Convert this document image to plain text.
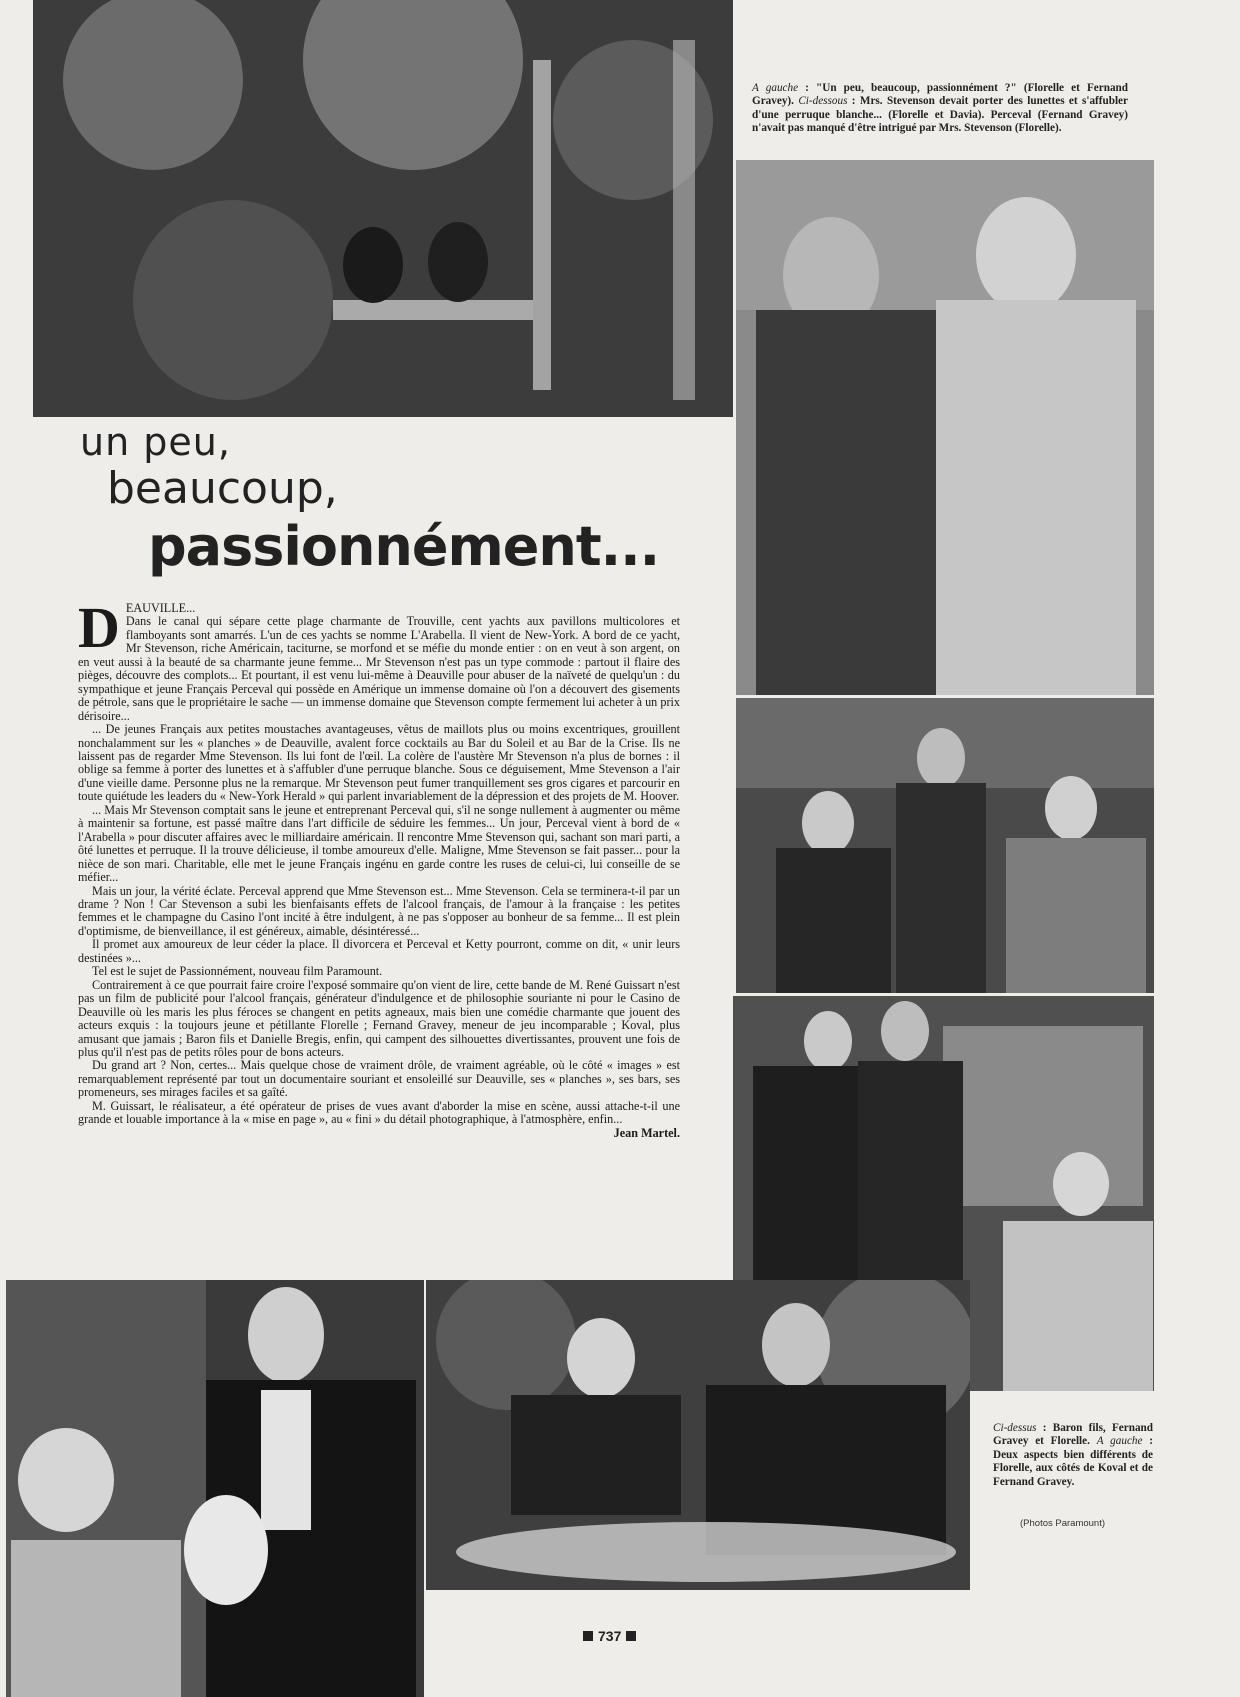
un peu,
beaucoup,
passionnément...

DEAUVILLE...
Dans le canal qui sépare cette plage charmante de Trouville, cent yachts aux pavillons multicolores et flamboyants sont amarrés. L'un de ces yachts se nomme L'Arabella. Il vient de New-York. A bord de ce yacht, Mr Stevenson, riche Américain, taciturne, se morfond et se méfie du monde entier : on en veut à son argent, on en veut aussi à la beauté de sa charmante jeune femme... Mr Stevenson n'est pas un type commode : partout il flaire des pièges, découvre des complots... Et pourtant, il est venu lui-même à Deauville pour abuser de la naïveté de quelqu'un : du sympathique et jeune Français Perceval qui possède en Amérique un immense domaine où l'on a découvert des gisements de pétrole, sans que le propriétaire le sache — un immense domaine que Stevenson compte fermement lui acheter à un prix dérisoire...

... De jeunes Français aux petites moustaches avantageuses, vêtus de maillots plus ou moins excentriques, grouillent nonchalamment sur les « planches » de Deauville, avalent force cocktails au Bar du Soleil et au Bar de la Crise. Ils ne laissent pas de regarder Mme Stevenson. Ils lui font de l'œil. La colère de l'austère Mr Stevenson n'a plus de bornes : il oblige sa femme à porter des lunettes et à s'affubler d'une perruque blanche. Sous ce déguisement, Mme Stevenson a l'air d'une vieille dame. Personne plus ne la remarque. Mr Stevenson peut fumer tranquillement ses gros cigares et parcourir en toute quiétude les leaders du « New-York Herald » qui parlent invariablement de la dépression et des projets de M. Hoover.

... Mais Mr Stevenson comptait sans le jeune et entreprenant Perceval qui, s'il ne songe nullement à augmenter ou même à maintenir sa fortune, est passé maître dans l'art difficile de séduire les femmes... Un jour, Perceval vient à bord de « l'Arabella » pour discuter affaires avec le milliardaire américain. Il rencontre Mme Stevenson qui, sachant son mari parti, a ôté lunettes et perruque. Il la trouve délicieuse, il tombe amoureux d'elle. Maligne, Mme Stevenson se fait passer... pour la nièce de son mari. Charitable, elle met le jeune Français ingénu en garde contre les ruses de celui-ci, lui conseille de se méfier...

Mais un jour, la vérité éclate. Perceval apprend que Mme Stevenson est... Mme Stevenson. Cela se terminera-t-il par un drame ? Non ! Car Stevenson a subi les bienfaisants effets de l'alcool français, de l'amour à la française : les petites femmes et le champagne du Casino l'ont incité à être indulgent, à ne pas s'opposer au bonheur de sa femme... Il est plein d'optimisme, de bienveillance, il est généreux, aimable, désintéressé...

Il promet aux amoureux de leur céder la place. Il divorcera et Perceval et Ketty pourront, comme on dit, « unir leurs destinées »...

Tel est le sujet de Passionnément, nouveau film Paramount.

Contrairement à ce que pourrait faire croire l'exposé sommaire qu'on vient de lire, cette bande de M. René Guissart n'est pas un film de publicité pour l'alcool français, générateur d'indulgence et de philosophie souriante ni pour le Casino de Deauville où les maris les plus féroces se changent en petits agneaux, mais bien une comédie charmante que jouent des acteurs exquis : la toujours jeune et pétillante Florelle ; Fernand Gravey, meneur de jeu incomparable ; Koval, plus amusant que jamais ; Baron fils et Danielle Bregis, enfin, qui campent des silhouettes divertissantes, prouvent une fois de plus qu'il n'est pas de petits rôles pour de bons acteurs.

Du grand art ? Non, certes... Mais quelque chose de vraiment drôle, de vraiment agréable, où le côté « images » est remarquablement représenté par tout un documentaire souriant et ensoleillé sur Deauville, ses « planches », ses bars, ses promeneurs, ses mirages faciles et sa gaîté.

M. Guissart, le réalisateur, a été opérateur de prises de vues avant d'aborder la mise en scène, aussi attache-t-il une grande et louable importance à la « mise en page », au « fini » du détail photographique, à l'atmosphère, enfin...

Jean Martel.

A gauche : "Un peu, beaucoup, passionnément ?" (Florelle et Fernand Gravey). Ci-dessous : Mrs. Stevenson devait porter des lunettes et s'affubler d'une perruque blanche... (Florelle et Davia). Perceval (Fernand Gravey) n'avait pas manqué d'être intrigué par Mrs. Stevenson (Florelle).
Ci-dessus : Baron fils, Fernand Gravey et Florelle. A gauche : Deux aspects bien différents de Florelle, aux côtés de Koval et de Fernand Gravey.
(Photos Paramount)
737
